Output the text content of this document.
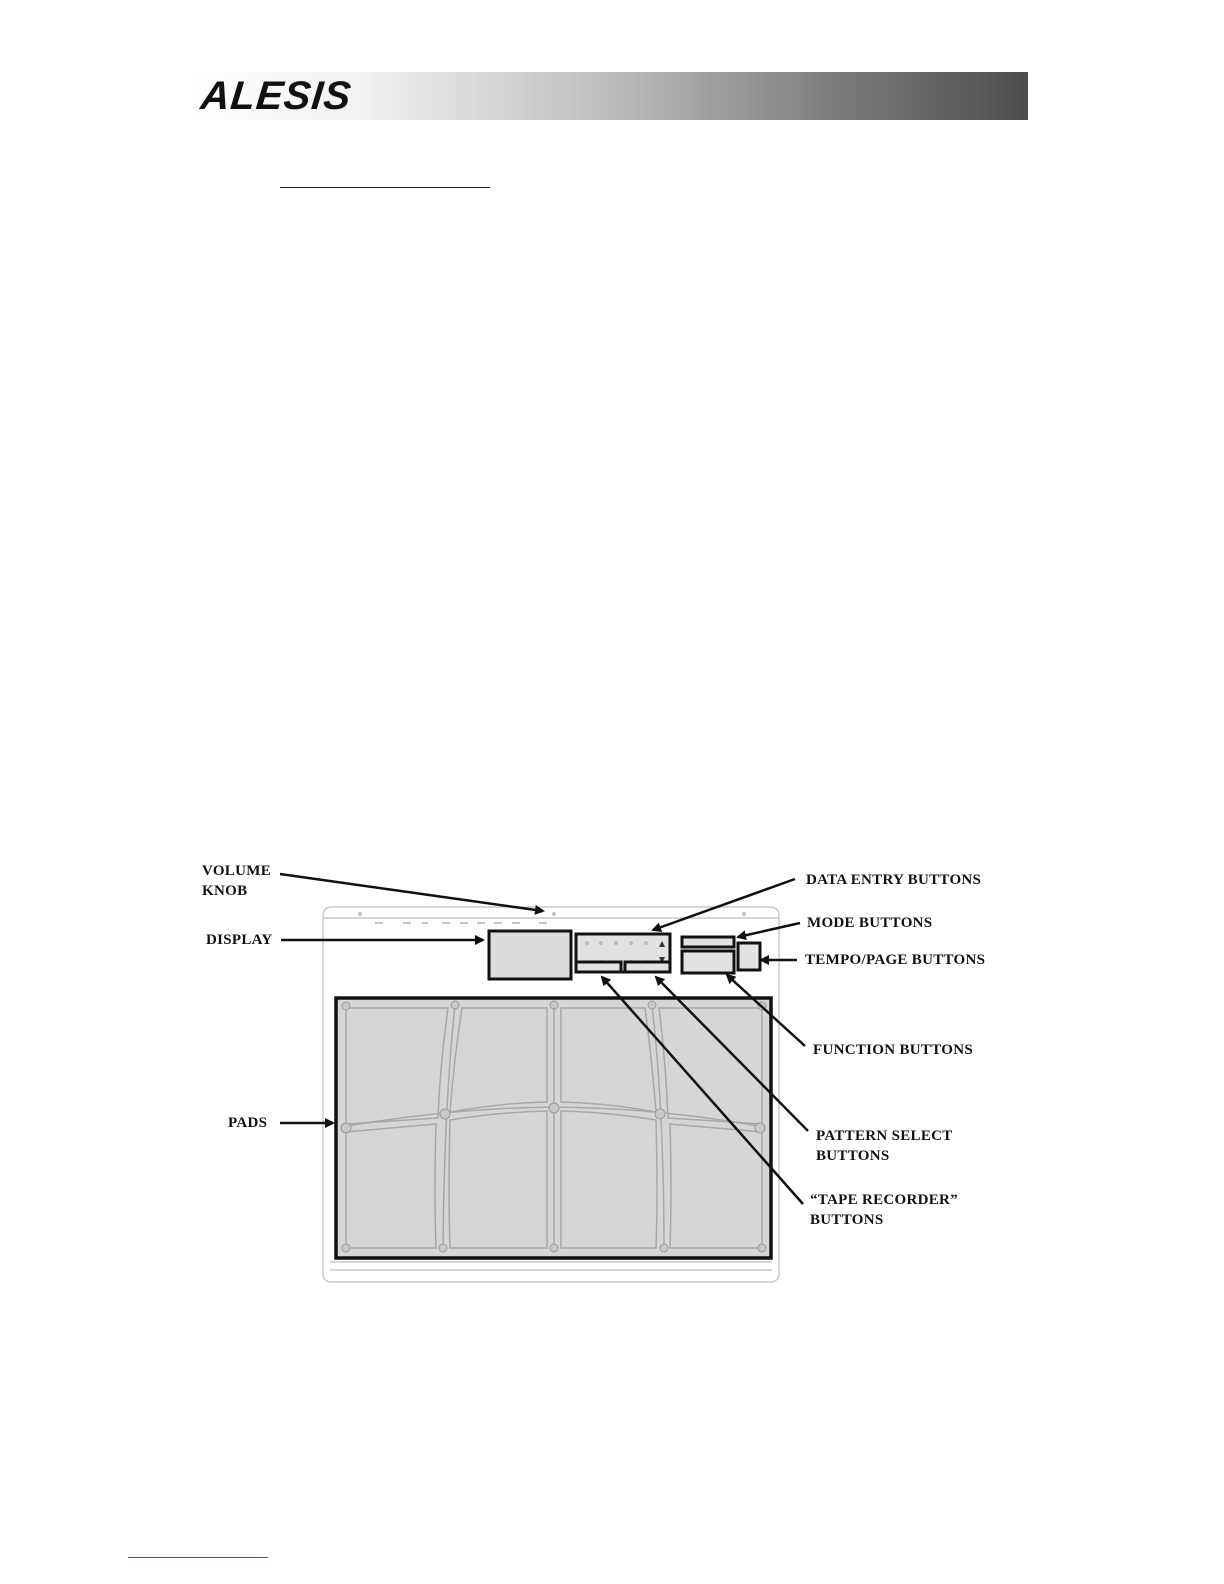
ALESIS
VOLUME
KNOB
DISPLAY
PADS
DATA ENTRY BUTTONS
MODE BUTTONS
TEMPO/PAGE BUTTONS
FUNCTION BUTTONS
PATTERN SELECT
BUTTONS
“TAPE RECORDER”
BUTTONS
